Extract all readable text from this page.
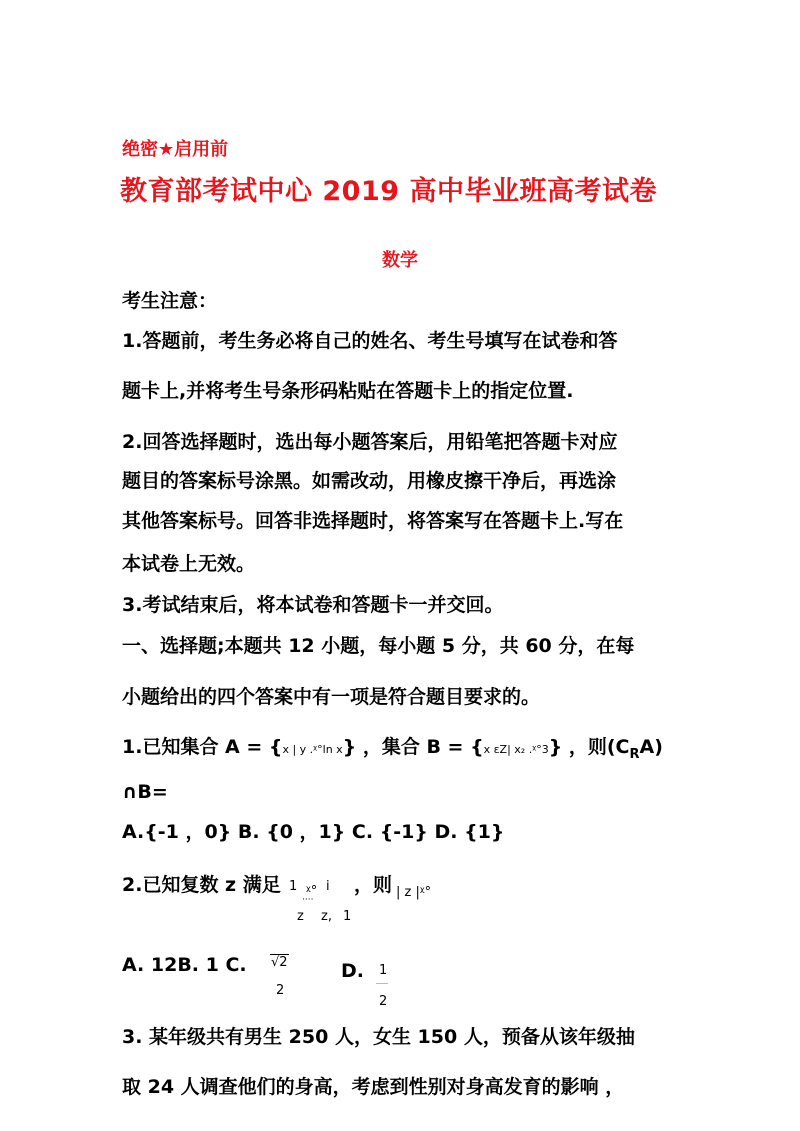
绝密★启用前
教育部考试中心 2019 高中毕业班高考试卷
数学
考生注意：
1.答题前，考生务必将自己的姓名、考生号填写在试卷和答
题卡上,并将考生号条形码粘贴在答题卡上的指定位置.
2.回答选择题时，选出每小题答案后，用铅笔把答题卡对应
题目的答案标号涂黑。如需改动，用橡皮擦干净后，再选涂
其他答案标号。回答非选择题时，将答案写在答题卡上.写在
本试卷上无效。
3.考试结束后，将本试卷和答题卡一并交回。
一、选择题;本题共 12 小题，每小题 5 分，共 60 分，在每
小题给出的四个答案中有一项是符合题目要求的。
1.已知集合 A = {x | y .ᵡ°ln x} ，集合 B = {x εZ| x₂ .ᵡ°3} ，则$(C_RA)$
∩B=
A.{-1 ，0} B. {0 ，1} C. {-1} D. {1}
2.已知复数 z 满足 1 ᵡ°
····
i
z z, 1
，则 | z |ᵡ°
A. 12B. 1 C. √2
2
D. 1
2
3. 某年级共有男生 250 人，女生 150 人，预备从该年级抽
取 24 人调查他们的身高，考虑到性别对身高发育的影响 ，
